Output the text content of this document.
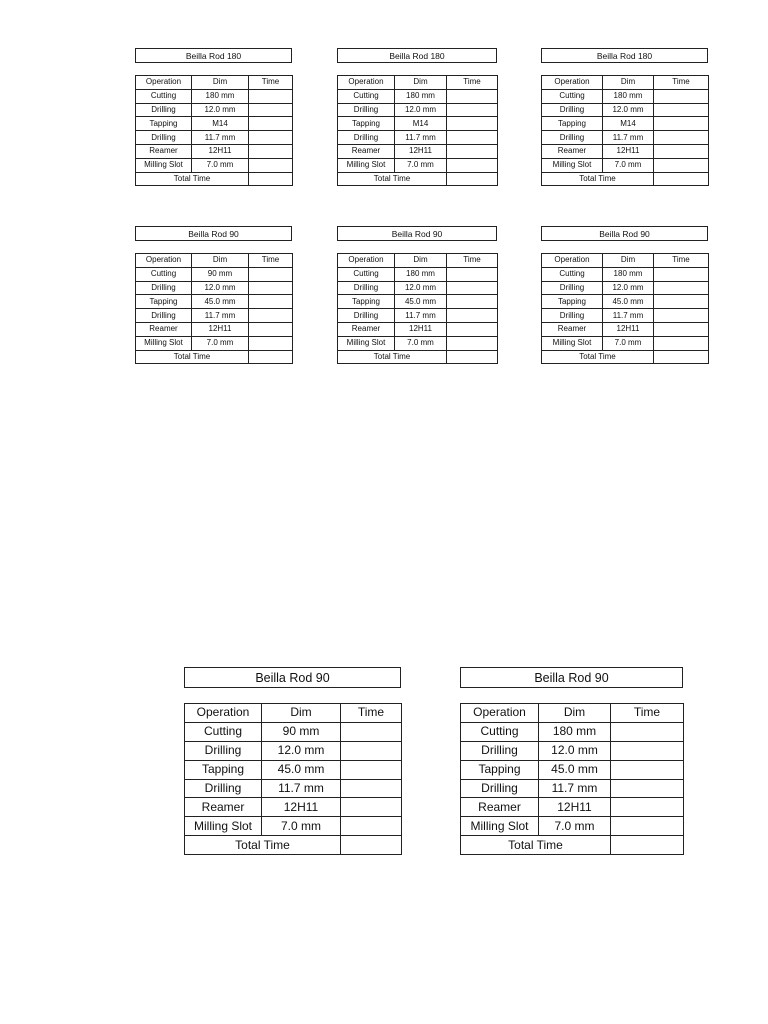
Beilla Rod 180
Operation	Dim	Time
Cutting	180 mm	
Drilling	12.0 mm	
Tapping	M14	
Drilling	11.7 mm	
Reamer	12H11	
Milling Slot	7.0 mm	
Total Time		
Beilla Rod 180
Operation	Dim	Time
Cutting	180 mm	
Drilling	12.0 mm	
Tapping	M14	
Drilling	11.7 mm	
Reamer	12H11	
Milling Slot	7.0 mm	
Total Time		
Beilla Rod 180
Operation	Dim	Time
Cutting	180 mm	
Drilling	12.0 mm	
Tapping	M14	
Drilling	11.7 mm	
Reamer	12H11	
Milling Slot	7.0 mm	
Total Time		
Beilla Rod 90
Operation	Dim	Time
Cutting	90 mm	
Drilling	12.0 mm	
Tapping	45.0 mm	
Drilling	11.7 mm	
Reamer	12H11	
Milling Slot	7.0 mm	
Total Time		
Beilla Rod 90
Operation	Dim	Time
Cutting	180 mm	
Drilling	12.0 mm	
Tapping	45.0 mm	
Drilling	11.7 mm	
Reamer	12H11	
Milling Slot	7.0 mm	
Total Time		
Beilla Rod 90
Operation	Dim	Time
Cutting	180 mm	
Drilling	12.0 mm	
Tapping	45.0 mm	
Drilling	11.7 mm	
Reamer	12H11	
Milling Slot	7.0 mm	
Total Time		
Beilla Rod 90
Operation	Dim	Time
Cutting	90 mm	
Drilling	12.0 mm	
Tapping	45.0 mm	
Drilling	11.7 mm	
Reamer	12H11	
Milling Slot	7.0 mm	
Total Time		
Beilla Rod 90
Operation	Dim	Time
Cutting	180 mm	
Drilling	12.0 mm	
Tapping	45.0 mm	
Drilling	11.7 mm	
Reamer	12H11	
Milling Slot	7.0 mm	
Total Time		
